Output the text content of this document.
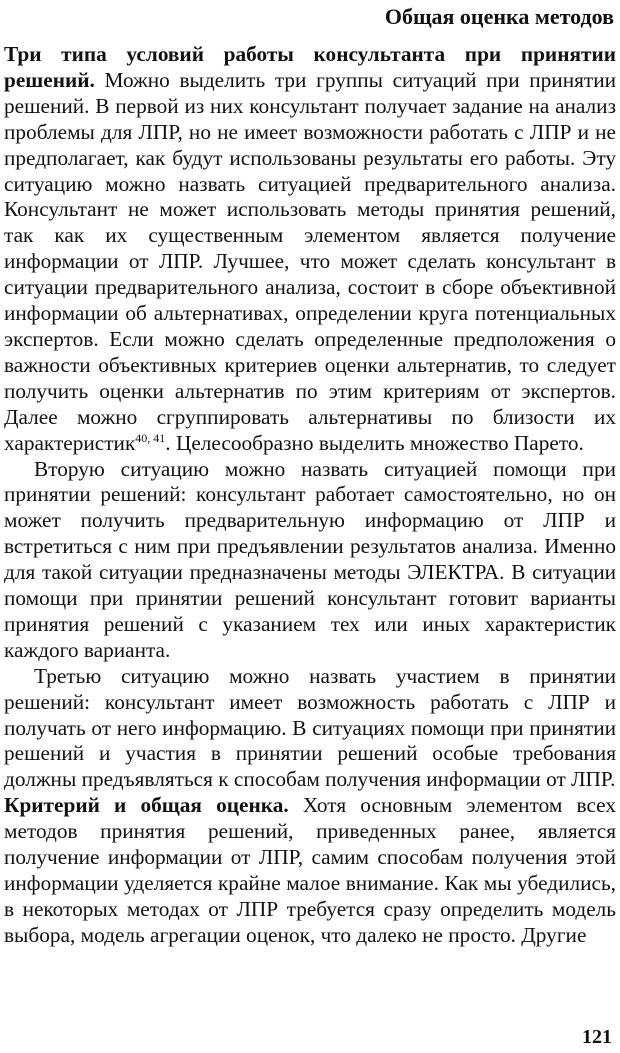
Общая оценка методов

Три типа условий работы консультанта при принятии решений. Можно выделить три группы ситуаций при принятии решений. В первой из них консультант получает задание на анализ проблемы для ЛПР, но не имеет возможности работать с ЛПР и не предполагает, как будут использованы результаты его работы. Эту ситуацию можно назвать ситуацией предварительного анализа. Консультант не может использовать методы принятия решений, так как их существенным элементом является получение информации от ЛПР. Лучшее, что может сделать консультант в ситуации предварительного анализа, состоит в сборе объективной информации об альтернативах, определении круга потенциальных экспертов. Если можно сделать определенные предположения о важности объективных критериев оценки альтернатив, то следует получить оценки альтернатив по этим критериям от экспертов. Далее можно сгруппировать альтернативы по близости их характеристик$^{40, 41}$. Целесообразно выделить множество Парето.

Вторую ситуацию можно назвать ситуацией помощи при принятии решений: консультант работает самостоятельно, но он может получить предварительную информацию от ЛПР и встретиться с ним при предъявлении результатов анализа. Именно для такой ситуации предназначены методы ЭЛЕКТРА. В ситуации помощи при принятии решений консультант готовит варианты принятия решений с указанием тех или иных характеристик каждого варианта.

Третью ситуацию можно назвать участием в принятии решений: консультант имеет возможность работать с ЛПР и получать от него информацию. В ситуациях помощи при принятии решений и участия в принятии решений особые требования должны предъявляться к способам получения информации от ЛПР.

Критерий и общая оценка. Хотя основным элементом всех методов принятия решений, приведенных ранее, является получение информации от ЛПР, самим способам получения этой информации уделяется крайне малое внимание. Как мы убедились, в некоторых методах от ЛПР требуется сразу определить модель выбора, модель агрегации оценок, что далеко не просто. Другие

121
